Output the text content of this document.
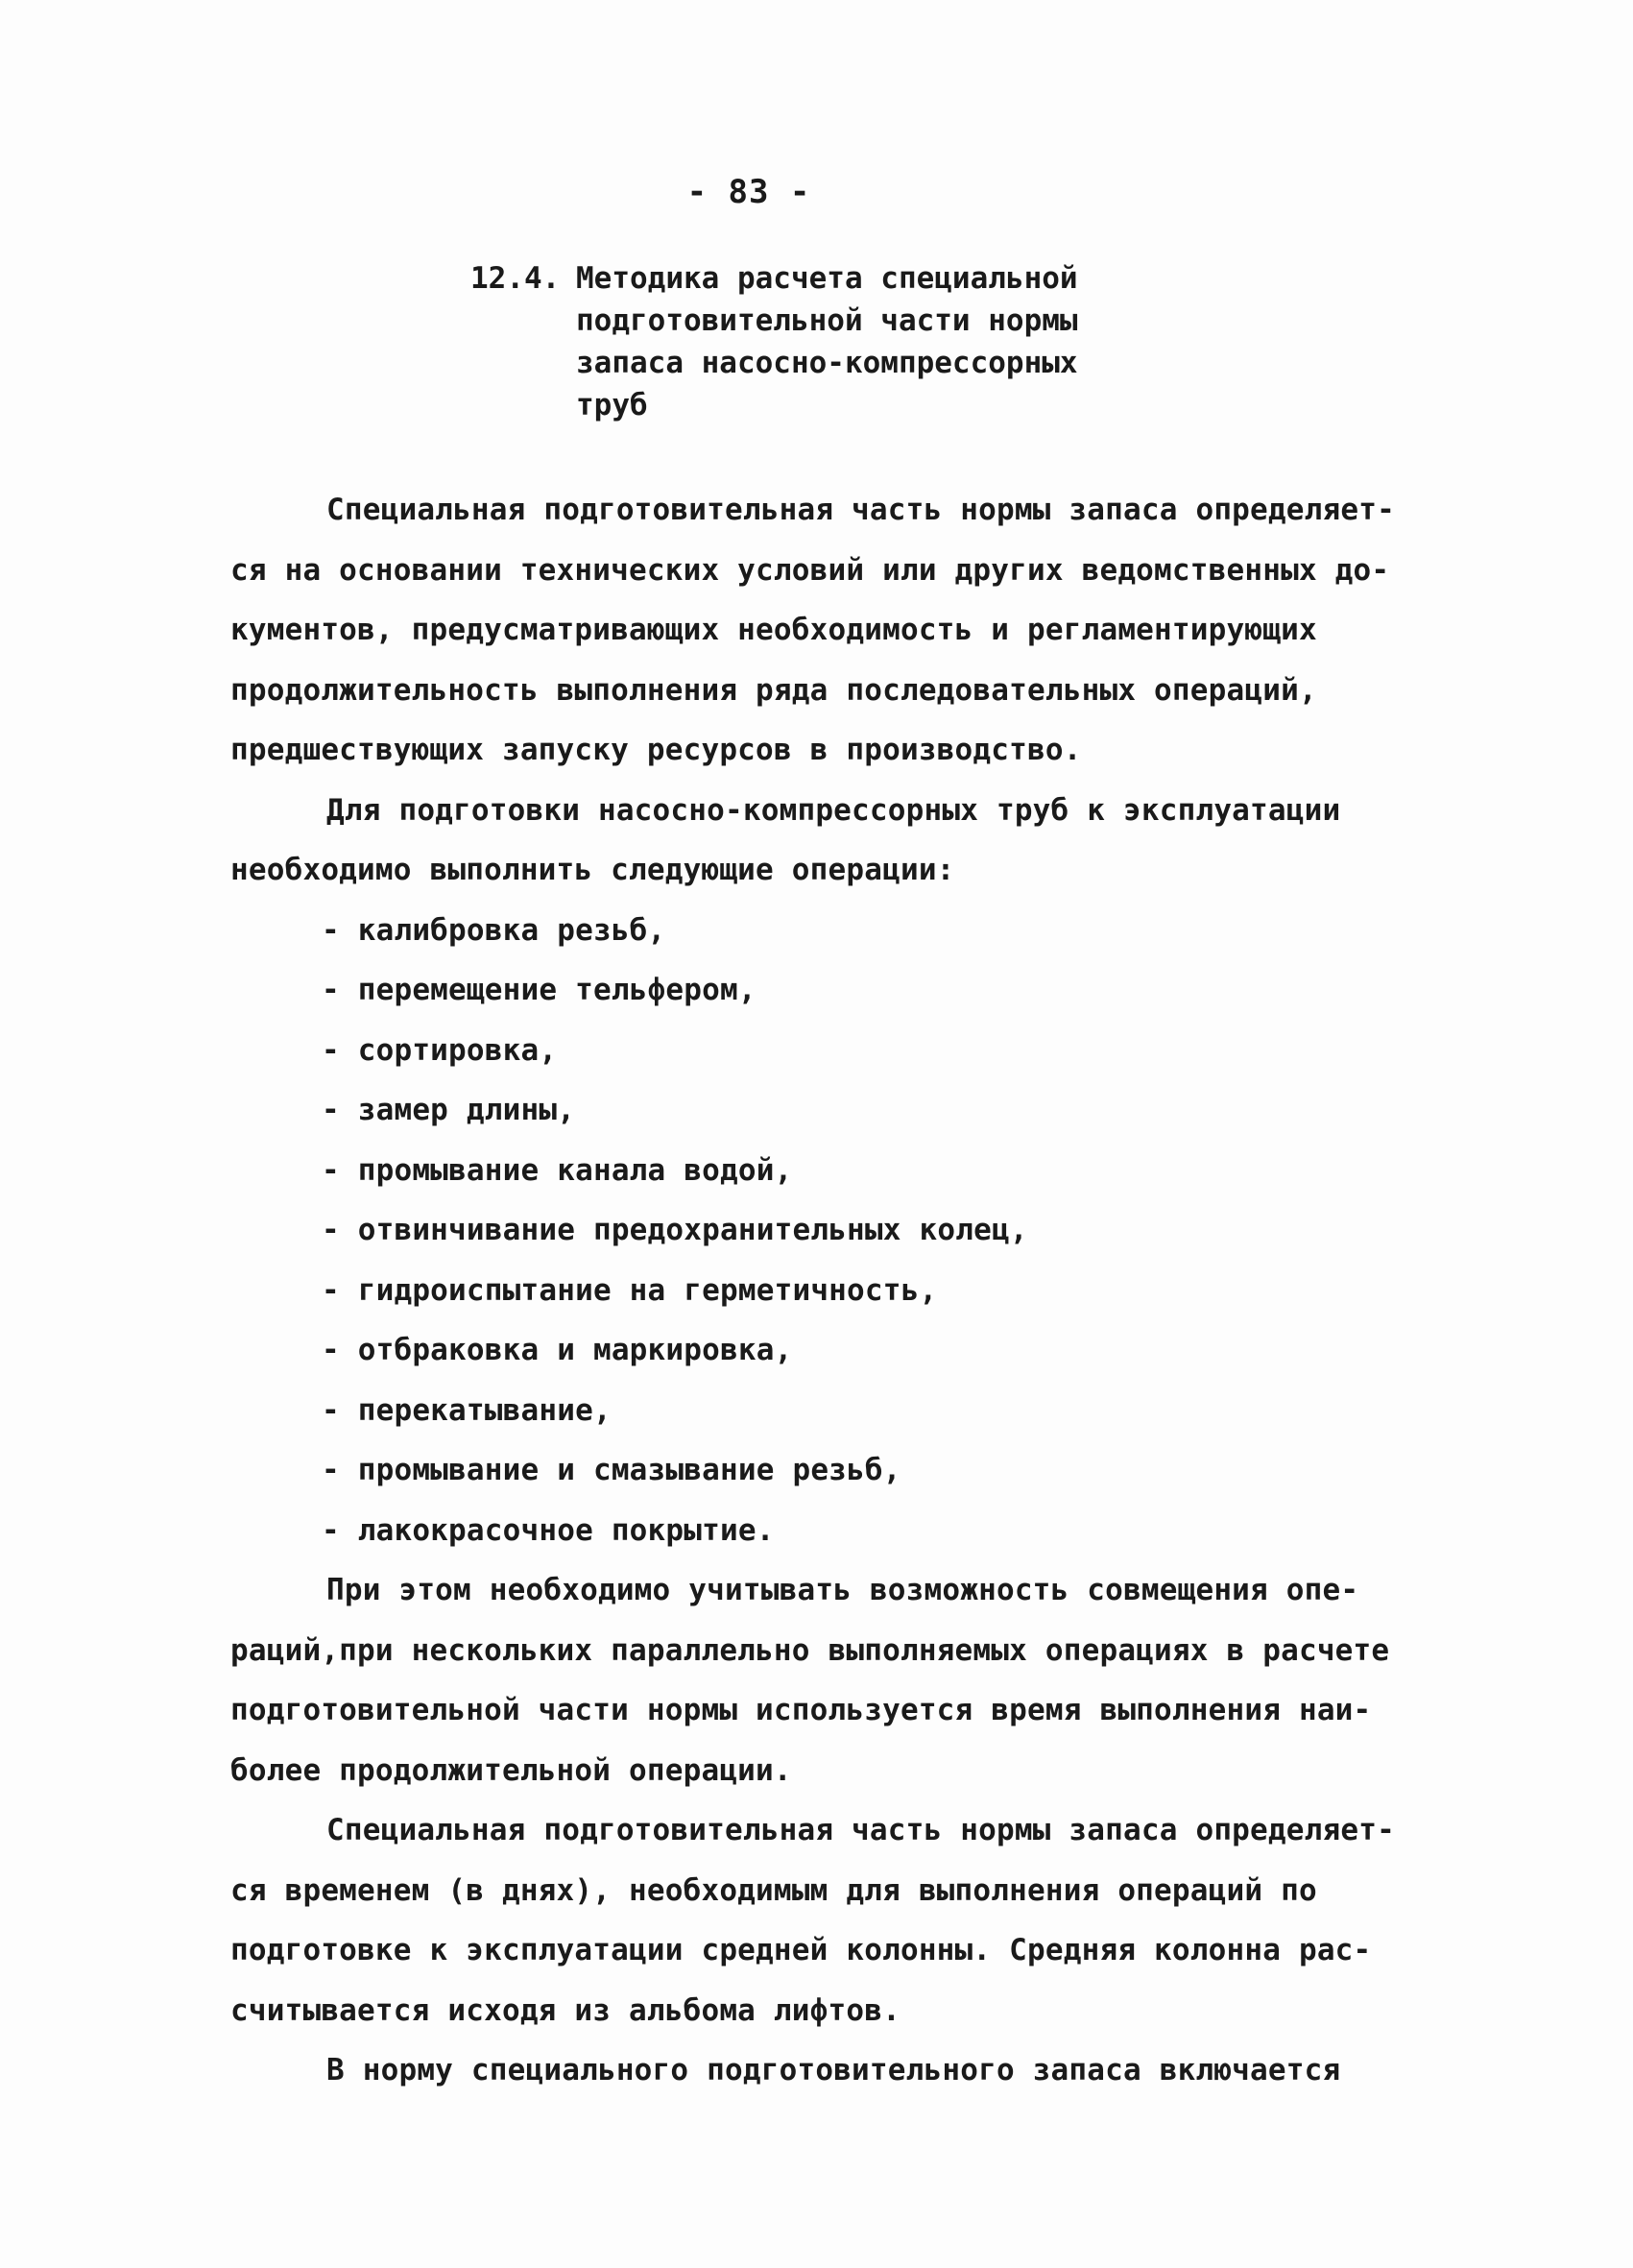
- 83 -
12.4. Методика расчета специальной
подготовительной части нормы
запаса насосно-компрессорных
труб
Специальная подготовительная часть нормы запаса определяет-
ся на основании технических условий или других ведомственных до-
кументов, предусматривающих необходимость и регламентирующих
продолжительность выполнения ряда последовательных операций,
предшествующих запуску ресурсов в производство.
Для подготовки насосно-компрессорных труб к эксплуатации
необходимо выполнить следующие операции:
- калибровка резьб,
- перемещение тельфером,
- сортировка,
- замер длины,
- промывание канала водой,
- отвинчивание предохранительных колец,
- гидроиспытание на герметичность,
- отбраковка и маркировка,
- перекатывание,
- промывание и смазывание резьб,
- лакокрасочное покрытие.
При этом необходимо учитывать возможность совмещения опе-
раций,при нескольких параллельно выполняемых операциях в расчете
подготовительной части нормы используется время выполнения наи-
более продолжительной операции.
Специальная подготовительная часть нормы запаса определяет-
ся временем (в днях), необходимым для выполнения операций по
подготовке к эксплуатации средней колонны. Средняя колонна рас-
считывается исходя из альбома лифтов.
В норму специального подготовительного запаса включается
